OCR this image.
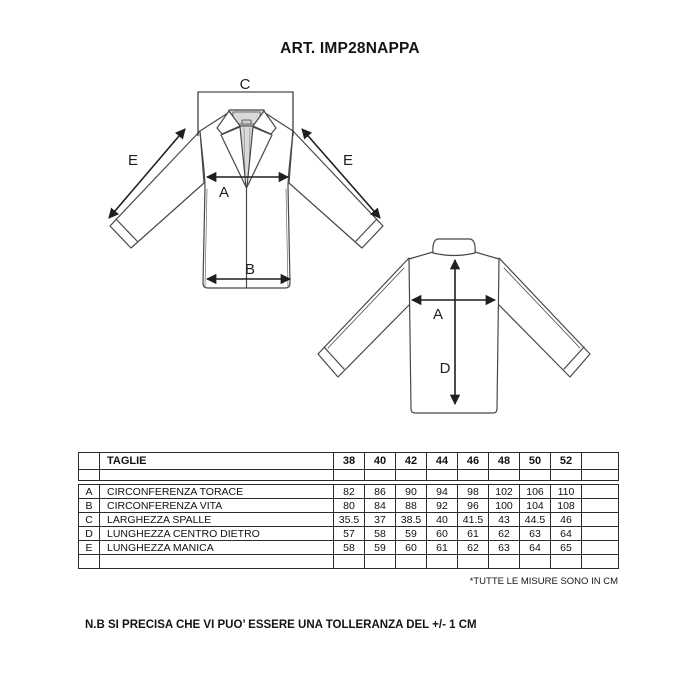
ART. IMP28NAPPA
C
E	E
A
B
A
D
	TAGLIE	38	40	42	44	46	48	50	52	

A	CIRCONFERENZA TORACE	82	86	90	94	98	102	106	110	
B	CIRCONFERENZA VITA	80	84	88	92	96	100	104	108	
C	LARGHEZZA SPALLE	35.5	37	38.5	40	41.5	43	44.5	46	
D	LUNGHEZZA CENTRO DIETRO	57	58	59	60	61	62	63	64	
E	LUNGHEZZA MANICA	58	59	60	61	62	63	64	65	

*TUTTE LE MISURE SONO IN CM
N.B SI PRECISA CHE VI PUO’ ESSERE UNA TOLLERANZA DEL +/- 1 CM
